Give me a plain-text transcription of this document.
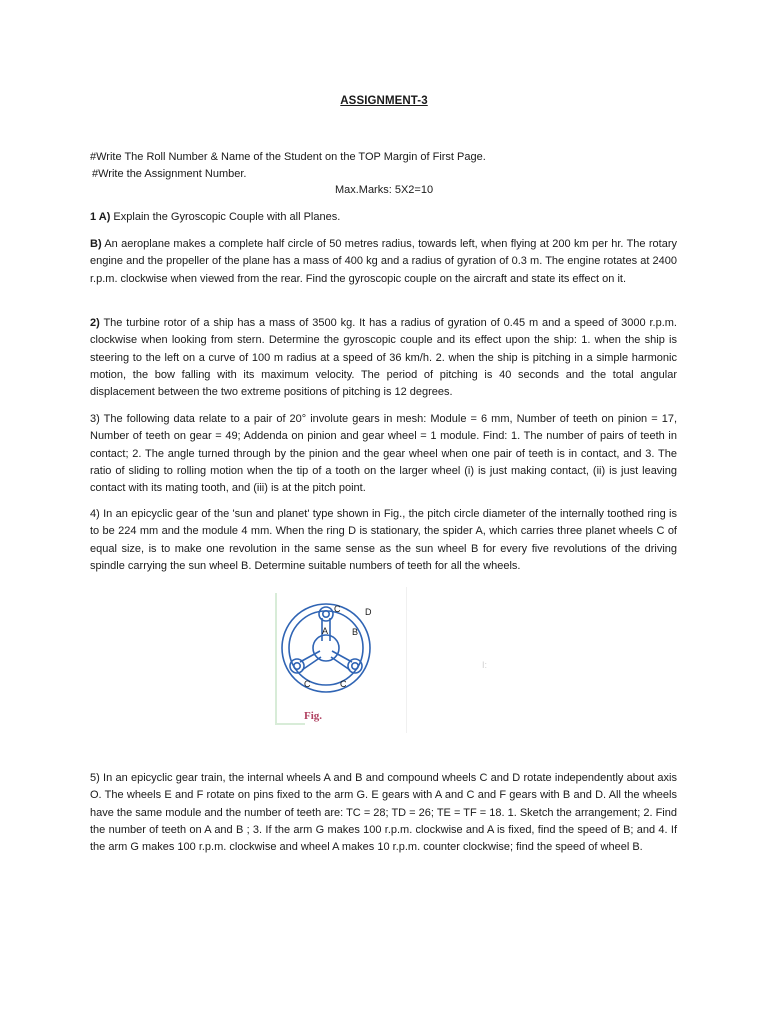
ASSIGNMENT-3
#Write The Roll Number & Name of the Student on the TOP Margin of First Page.
#Write the Assignment Number.
Max.Marks: 5X2=10
1 A) Explain the Gyroscopic Couple with all Planes.
B) An aeroplane makes a complete half circle of 50 metres radius, towards left, when flying at 200 km per hr. The rotary engine and the propeller of the plane has a mass of 400 kg and a radius of gyration of 0.3 m. The engine rotates at 2400 r.p.m. clockwise when viewed from the rear. Find the gyroscopic couple on the aircraft and state its effect on it.
2) The turbine rotor of a ship has a mass of 3500 kg. It has a radius of gyration of 0.45 m and a speed of 3000 r.p.m. clockwise when looking from stern. Determine the gyroscopic couple and its effect upon the ship: 1. when the ship is steering to the left on a curve of 100 m radius at a speed of 36 km/h. 2. when the ship is pitching in a simple harmonic motion, the bow falling with its maximum velocity. The period of pitching is 40 seconds and the total angular displacement between the two extreme positions of pitching is 12 degrees.
3) The following data relate to a pair of 20° involute gears in mesh: Module = 6 mm, Number of teeth on pinion = 17, Number of teeth on gear = 49; Addenda on pinion and gear wheel = 1 module. Find: 1. The number of pairs of teeth in contact; 2. The angle turned through by the pinion and the gear wheel when one pair of teeth is in contact, and 3. The ratio of sliding to rolling motion when the tip of a tooth on the larger wheel (i) is just making contact, (ii) is just leaving contact with its mating tooth, and (iii) is at the pitch point.
4) In an epicyclic gear of the 'sun and planet' type shown in Fig., the pitch circle diameter of the internally toothed ring is to be 224 mm and the module 4 mm. When the ring D is stationary, the spider A, which carries three planet wheels C of equal size, is to make one revolution in the same sense as the sun wheel B for every five revolutions of the driving spindle carrying the sun wheel B. Determine suitable numbers of teeth for all the wheels.
C	D
A	B
C	C
Fig.
I:
5) In an epicyclic gear train, the internal wheels A and B and compound wheels C and D rotate independently about axis O. The wheels E and F rotate on pins fixed to the arm G. E gears with A and C and F gears with B and D. All the wheels have the same module and the number of teeth are: TC = 28; TD = 26; TE = TF = 18. 1. Sketch the arrangement; 2. Find the number of teeth on A and B ; 3. If the arm G makes 100 r.p.m. clockwise and A is fixed, find the speed of B; and 4. If the arm G makes 100 r.p.m. clockwise and wheel A makes 10 r.p.m. counter clockwise; find the speed of wheel B.
